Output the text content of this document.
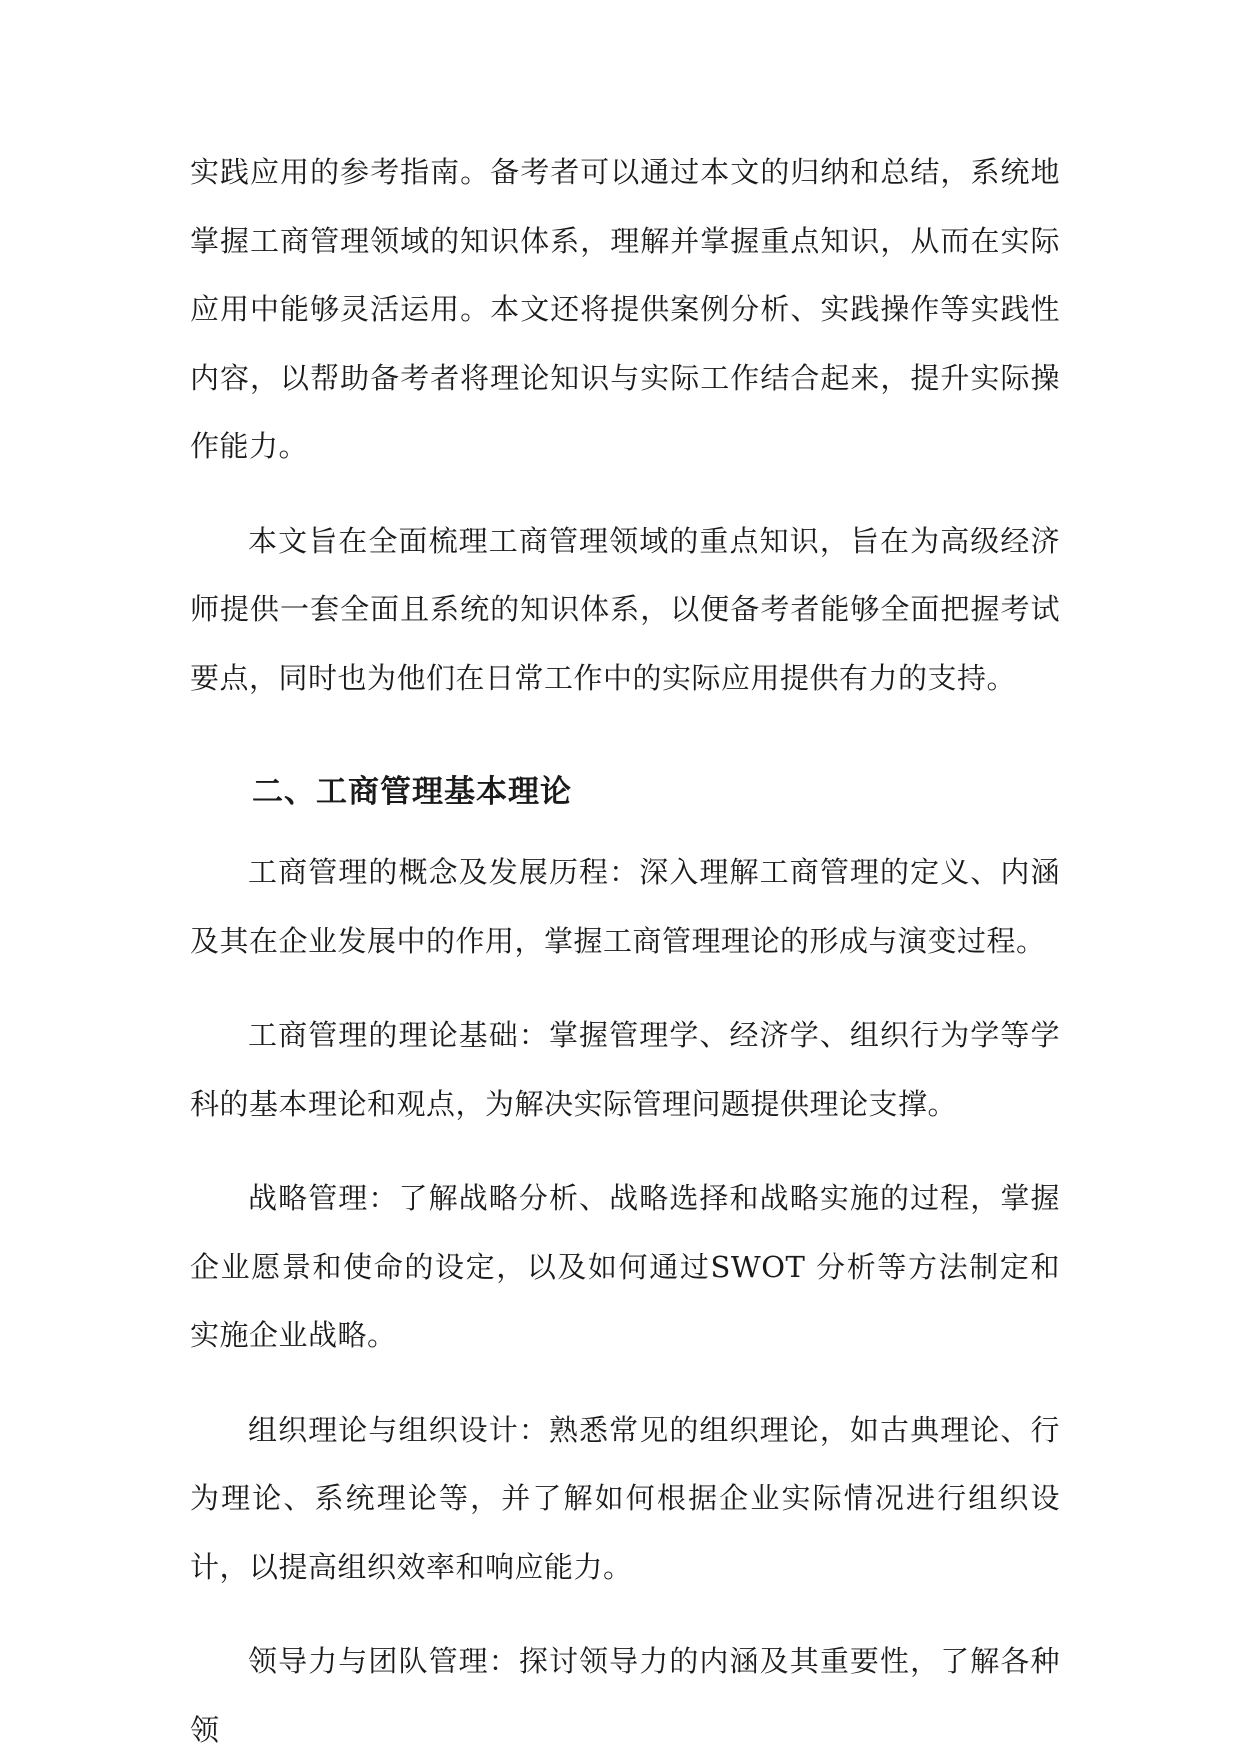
实践应用的参考指南。备考者可以通过本文的归纳和总结，系统地掌握工商管理领域的知识体系，理解并掌握重点知识，从而在实际应用中能够灵活运用。本文还将提供案例分析、实践操作等实践性内容，以帮助备考者将理论知识与实际工作结合起来，提升实际操作能力。

本文旨在全面梳理工商管理领域的重点知识，旨在为高级经济师提供一套全面且系统的知识体系，以便备考者能够全面把握考试要点，同时也为他们在日常工作中的实际应用提供有力的支持。

二、工商管理基本理论

工商管理的概念及发展历程：深入理解工商管理的定义、内涵及其在企业发展中的作用，掌握工商管理理论的形成与演变过程。

工商管理的理论基础：掌握管理学、经济学、组织行为学等学科的基本理论和观点，为解决实际管理问题提供理论支撑。

战略管理：了解战略分析、战略选择和战略实施的过程，掌握企业愿景和使命的设定，以及如何通过SWOT 分析等方法制定和实施企业战略。

组织理论与组织设计：熟悉常见的组织理论，如古典理论、行为理论、系统理论等，并了解如何根据企业实际情况进行组织设计，以提高组织效率和响应能力。

领导力与团队管理：探讨领导力的内涵及其重要性，了解各种领
